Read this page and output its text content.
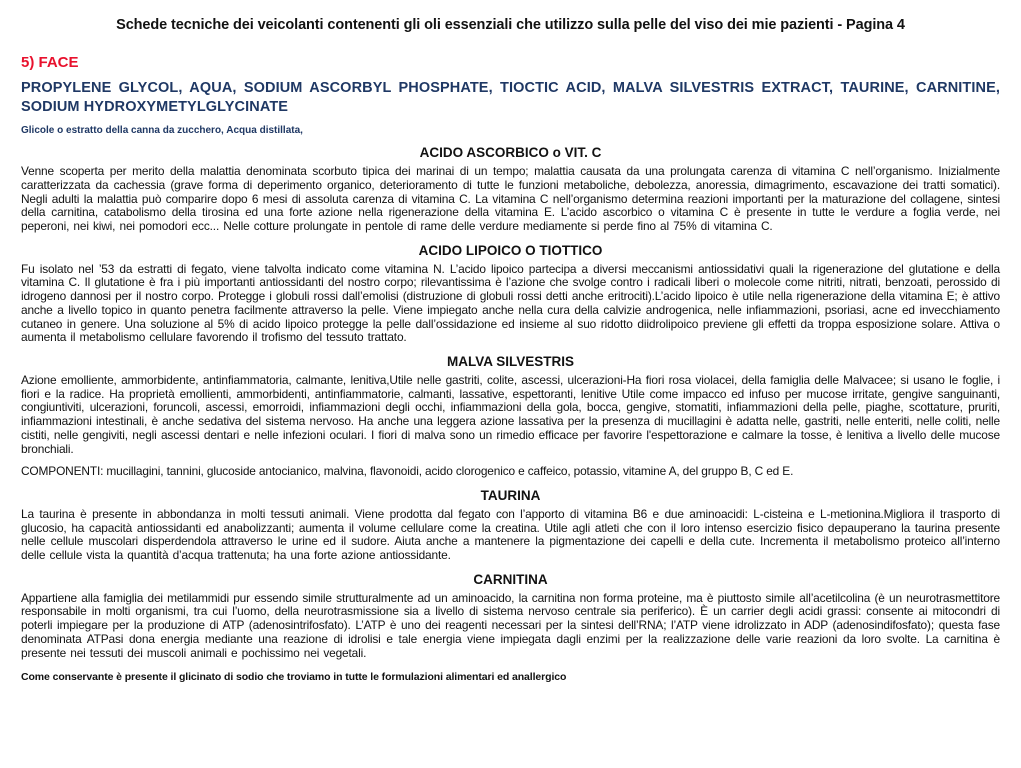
Schede tecniche dei veicolanti contenenti gli oli essenziali che utilizzo sulla pelle del viso dei mie pazienti - Pagina 4
5) FACE
PROPYLENE GLYCOL, AQUA, SODIUM ASCORBYL PHOSPHATE, TIOCTIC ACID, MALVA SILVESTRIS EXTRACT, TAURINE, CARNITINE, SODIUM HYDROXYMETYLGLYCINATE
Glicole o estratto della canna da zucchero, Acqua distillata,
ACIDO ASCORBICO o VIT. C

Venne scoperta per merito della malattia denominata scorbuto tipica dei marinai di un tempo; malattia causata da una prolungata carenza di vitamina C nell’organismo. Inizialmente caratterizzata da cachessia (grave forma di deperimento organico, deterioramento di tutte le funzioni metaboliche, debolezza, anoressia, dimagrimento, escavazione dei tratti somatici). Negli adulti la malattia può comparire dopo 6 mesi di assoluta carenza di vitamina C. La vitamina C nell’organismo determina reazioni importanti per la maturazione del collagene, sintesi della carnitina, catabolismo della tirosina ed una forte azione nella rigenerazione della vitamina E. L’acido ascorbico o vitamina C è presente in tutte le verdure a foglia verde, nei peperoni, nei kiwi, nei pomodori ecc... Nelle cotture prolungate in pentole di rame delle verdure mediamente si perde fino al 75% di vitamina C.

ACIDO LIPOICO O TIOTTICO

Fu isolato nel ’53 da estratti di fegato, viene talvolta indicato come vitamina N. L’acido lipoico partecipa a diversi meccanismi antiossidativi quali la rigenerazione del glutatione e della vitamina C. Il glutatione è fra i più importanti antiossidanti del nostro corpo; rilevantissima è l’azione che svolge contro i radicali liberi o molecole come nitriti, nitrati, benzoati, perossido di idrogeno dannosi per il nostro corpo. Protegge i globuli rossi dall’emolisi (distruzione di globuli rossi detti anche eritrociti).L’acido lipoico è utile nella rigenerazione della vitamina E; è attivo anche a livello topico in quanto penetra facilmente attraverso la pelle. Viene impiegato anche nella cura della calvizie androgenica, nelle infiammazioni, psoriasi, acne ed invecchiamento cutaneo in genere. Una soluzione al 5% di acido lipoico protegge la pelle dall’ossidazione ed insieme al suo ridotto diidrolipoico previene gli effetti da troppa esposizione solare. Attiva o aumenta il metabolismo cellulare favorendo il trofismo del tessuto trattato.

MALVA SILVESTRIS

Azione emolliente, ammorbidente, antinfiammatoria, calmante, lenitiva,Utile nelle gastriti, colite, ascessi, ulcerazioni-Ha fiori rosa violacei, della famiglia delle Malvacee; si usano le foglie, i fiori e la radice. Ha proprietà emollienti, ammorbidenti, antinfiammatorie, calmanti, lassative, espettoranti, lenitive Utile come impacco ed infuso per mucose irritate, gengive sanguinanti, congiuntiviti, ulcerazioni, foruncoli, ascessi, emorroidi, infiammazioni degli occhi, infiammazioni della gola, bocca, gengive, stomatiti, infiammazioni della pelle, piaghe, scottature, pruriti, infiammazioni intestinali, è anche sedativa del sistema nervoso. Ha anche una leggera azione lassativa per la presenza di mucillagini è adatta nelle, gastriti, nelle enteriti, nelle coliti, nelle cistiti, nelle gengiviti, negli ascessi dentari e nelle infezioni oculari. I fiori di malva sono un rimedio efficace per favorire l'espettorazione e calmare la tosse, è lenitiva a livello delle mucose bronchiali.

COMPONENTI: mucillagini, tannini, glucoside antocianico, malvina, flavonoidi, acido clorogenico e caffeico, potassio, vitamine A, del gruppo B, C ed E.

TAURINA

La taurina è presente in abbondanza in molti tessuti animali. Viene prodotta dal fegato con l’apporto di vitamina B6 e due aminoacidi: L-cisteina e L-metionina.Migliora il trasporto di glucosio, ha capacità antiossidanti ed anabolizzanti; aumenta il volume cellulare come la creatina. Utile agli atleti che con il loro intenso esercizio fisico depauperano la taurina presente nelle cellule muscolari disperdendola attraverso le urine ed il sudore. Aiuta anche a mantenere la pigmentazione dei capelli e della cute. Incrementa il metabolismo proteico all’interno delle cellule vista la quantità d’acqua trattenuta; ha una forte azione antiossidante.

CARNITINA

Appartiene alla famiglia dei metilammidi pur essendo simile strutturalmente ad un aminoacido, la carnitina non forma proteine, ma è piuttosto simile all’acetilcolina (è un neurotrasmettitore responsabile in molti organismi, tra cui l’uomo, della neurotrasmissione sia a livello di sistema nervoso centrale sia periferico). È un carrier degli acidi grassi: consente ai mitocondri di poterli impiegare per la produzione di ATP (adenosintrifosfato). L’ATP è uno dei reagenti necessari per la sintesi dell’RNA; l’ATP viene idrolizzato in ADP (adenosindifosfato); questa fase denominata ATPasi dona energia mediante una reazione di idrolisi e tale energia viene impiegata dagli enzimi per la realizzazione delle varie reazioni da loro svolte. La carnitina è presente nei tessuti dei muscoli animali e pochissimo nei vegetali.

Come conservante è presente il glicinato di sodio che troviamo in tutte le formulazioni alimentari ed anallergico
